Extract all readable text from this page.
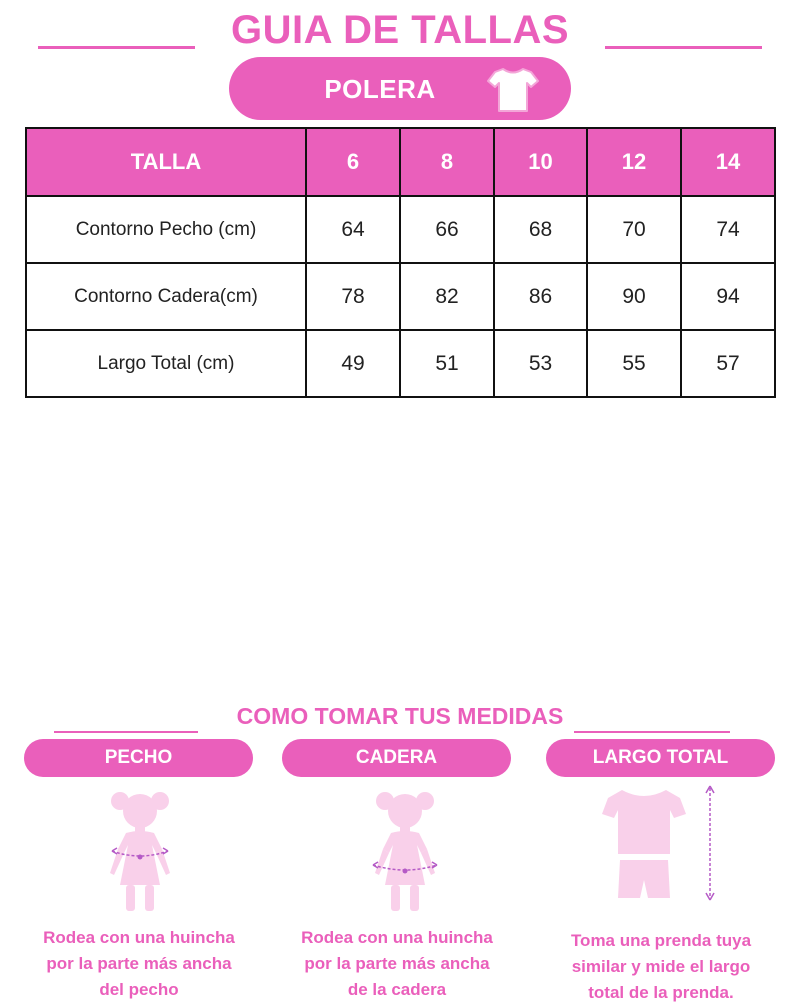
GUIA DE TALLAS
POLERA
TALLA	6	8	10	12	14
Contorno Pecho (cm)	64	66	68	70	74
Contorno Cadera(cm)	78	82	86	90	94
Largo Total (cm)	49	51	53	55	57
COMO TOMAR TUS MEDIDAS
PECHO	CADERA	LARGO TOTAL
Rodea con una huincha
por la parte más ancha
del pecho
Rodea con una huincha
por la parte más ancha
de la cadera
Toma una prenda tuya
similar y mide el largo
total de la prenda.
